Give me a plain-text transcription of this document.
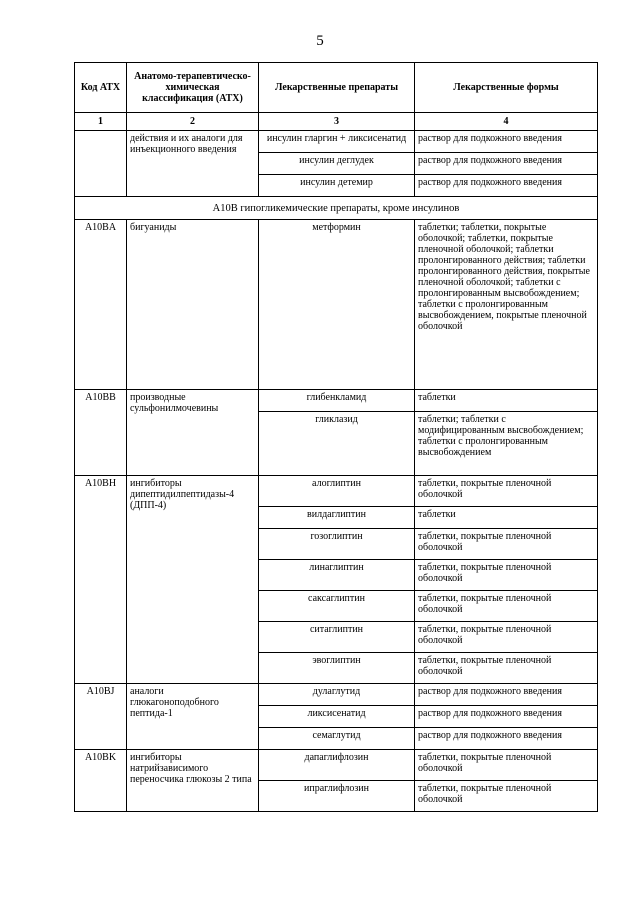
5
Код АТХ	Анатомо-терапевтическо-химическая классификация (АТХ)	Лекарственные препараты	Лекарственные формы
1	2	3	4
	действия и их аналоги для инъекционного введения	инсулин гларгин + ликсисенатид	раствор для подкожного введения
		инсулин деглудек	раствор для подкожного введения
		инсулин детемир	раствор для подкожного введения
A10B гипогликемические препараты, кроме инсулинов			
A10BA	бигуаниды	метформин	таблетки; таблетки, покрытые оболочкой; таблетки, покрытые пленочной оболочкой; таблетки пролонгированного действия; таблетки пролонгированного действия, покрытые пленочной оболочкой; таблетки с пролонгированным высвобождением; таблетки с пролонгированным высвобождением, покрытые пленочной оболочкой
A10BB	производные сульфонилмочевины	глибенкламид	таблетки
		гликлазид	таблетки; таблетки с модифицированным высвобождением; таблетки с пролонгированным высвобождением
A10BH	ингибиторы дипептидилпептидазы-4 (ДПП-4)	алоглиптин	таблетки, покрытые пленочной оболочкой
		вилдаглиптин	таблетки
		гозоглиптин	таблетки, покрытые пленочной оболочкой
		линаглиптин	таблетки, покрытые пленочной оболочкой
		саксаглиптин	таблетки, покрытые пленочной оболочкой
		ситаглиптин	таблетки, покрытые пленочной оболочкой
		эвоглиптин	таблетки, покрытые пленочной оболочкой
A10BJ	аналоги глюкагоноподобного пептида-1	дулаглутид	раствор для подкожного введения
		ликсисенатид	раствор для подкожного введения
		семаглутид	раствор для подкожного введения
A10BK	ингибиторы натрийзависимого переносчика глюкозы 2 типа	дапаглифлозин	таблетки, покрытые пленочной оболочкой
		ипраглифлозин	таблетки, покрытые пленочной оболочкой
